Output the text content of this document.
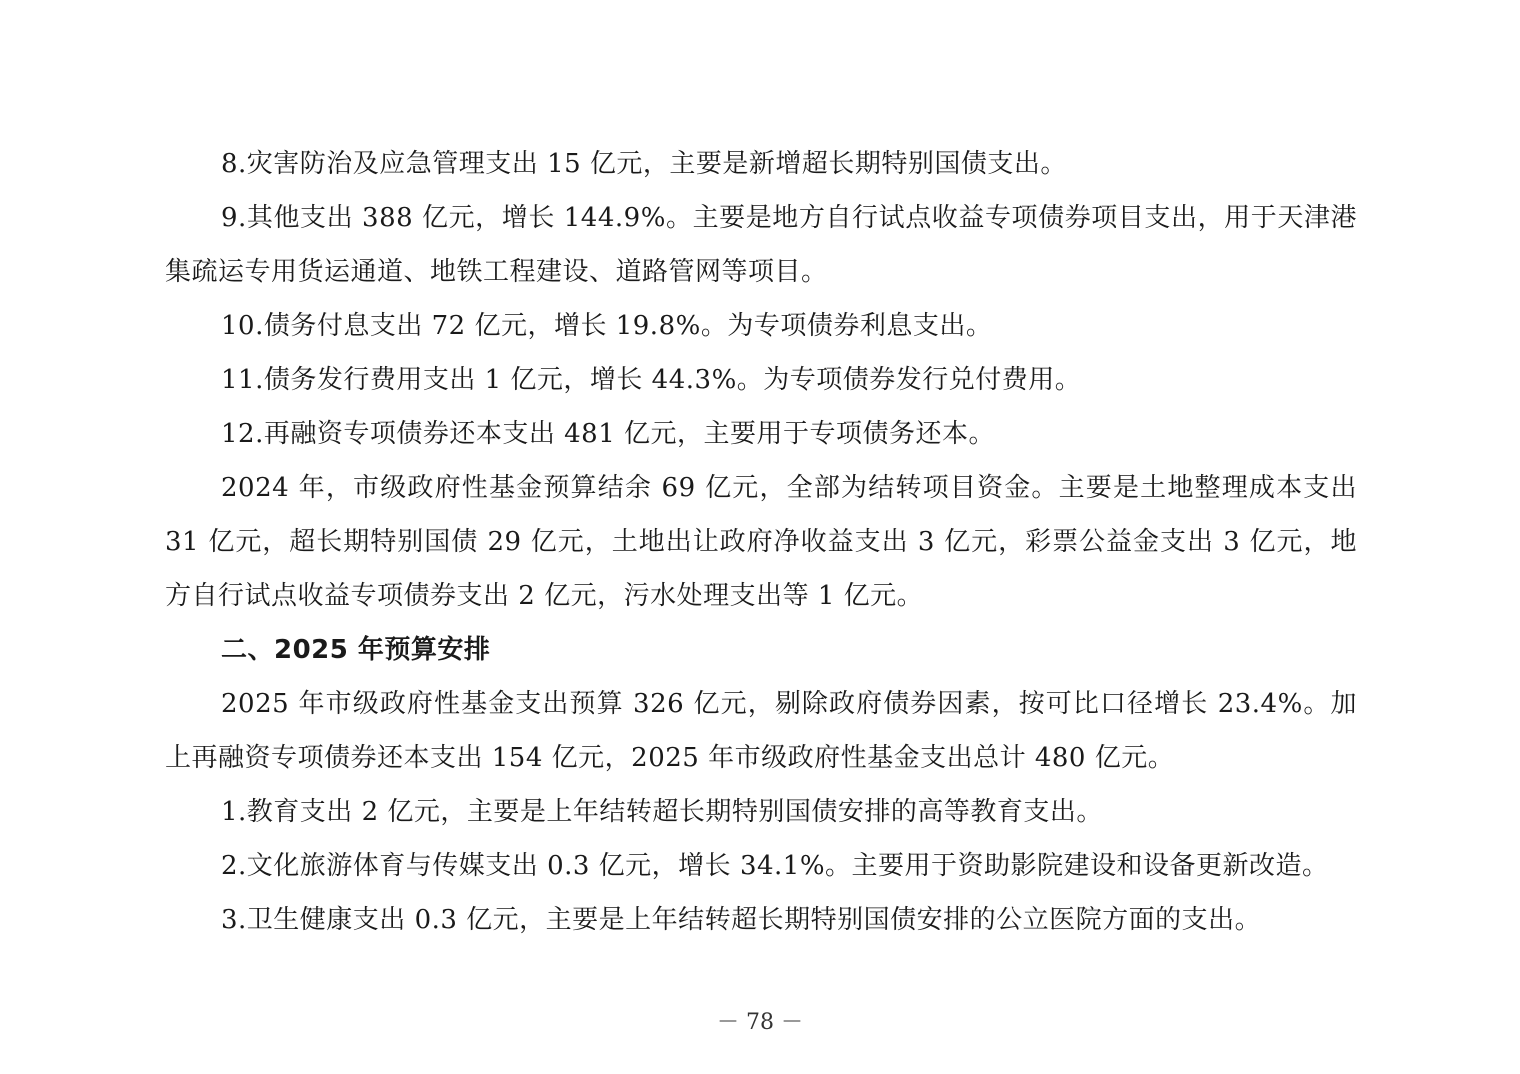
8.灾害防治及应急管理支出 15 亿元，主要是新增超长期特别国债支出。

9.其他支出 388 亿元，增长 144.9%。主要是地方自行试点收益专项债券项目支出，用于天津港集疏运专用货运通道、地铁工程建设、道路管网等项目。

10.债务付息支出 72 亿元，增长 19.8%。为专项债券利息支出。

11.债务发行费用支出 1 亿元，增长 44.3%。为专项债券发行兑付费用。

12.再融资专项债券还本支出 481 亿元，主要用于专项债务还本。

2024 年，市级政府性基金预算结余 69 亿元，全部为结转项目资金。主要是土地整理成本支出 31 亿元，超长期特别国债 29 亿元，土地出让政府净收益支出 3 亿元，彩票公益金支出 3 亿元，地方自行试点收益专项债券支出 2 亿元，污水处理支出等 1 亿元。

二、2025 年预算安排

2025 年市级政府性基金支出预算 326 亿元，剔除政府债券因素，按可比口径增长 23.4%。加上再融资专项债券还本支出 154 亿元，2025 年市级政府性基金支出总计 480 亿元。

1.教育支出 2 亿元，主要是上年结转超长期特别国债安排的高等教育支出。

2.文化旅游体育与传媒支出 0.3 亿元，增长 34.1%。主要用于资助影院建设和设备更新改造。

3.卫生健康支出 0.3 亿元，主要是上年结转超长期特别国债安排的公立医院方面的支出。

－ 78 －
